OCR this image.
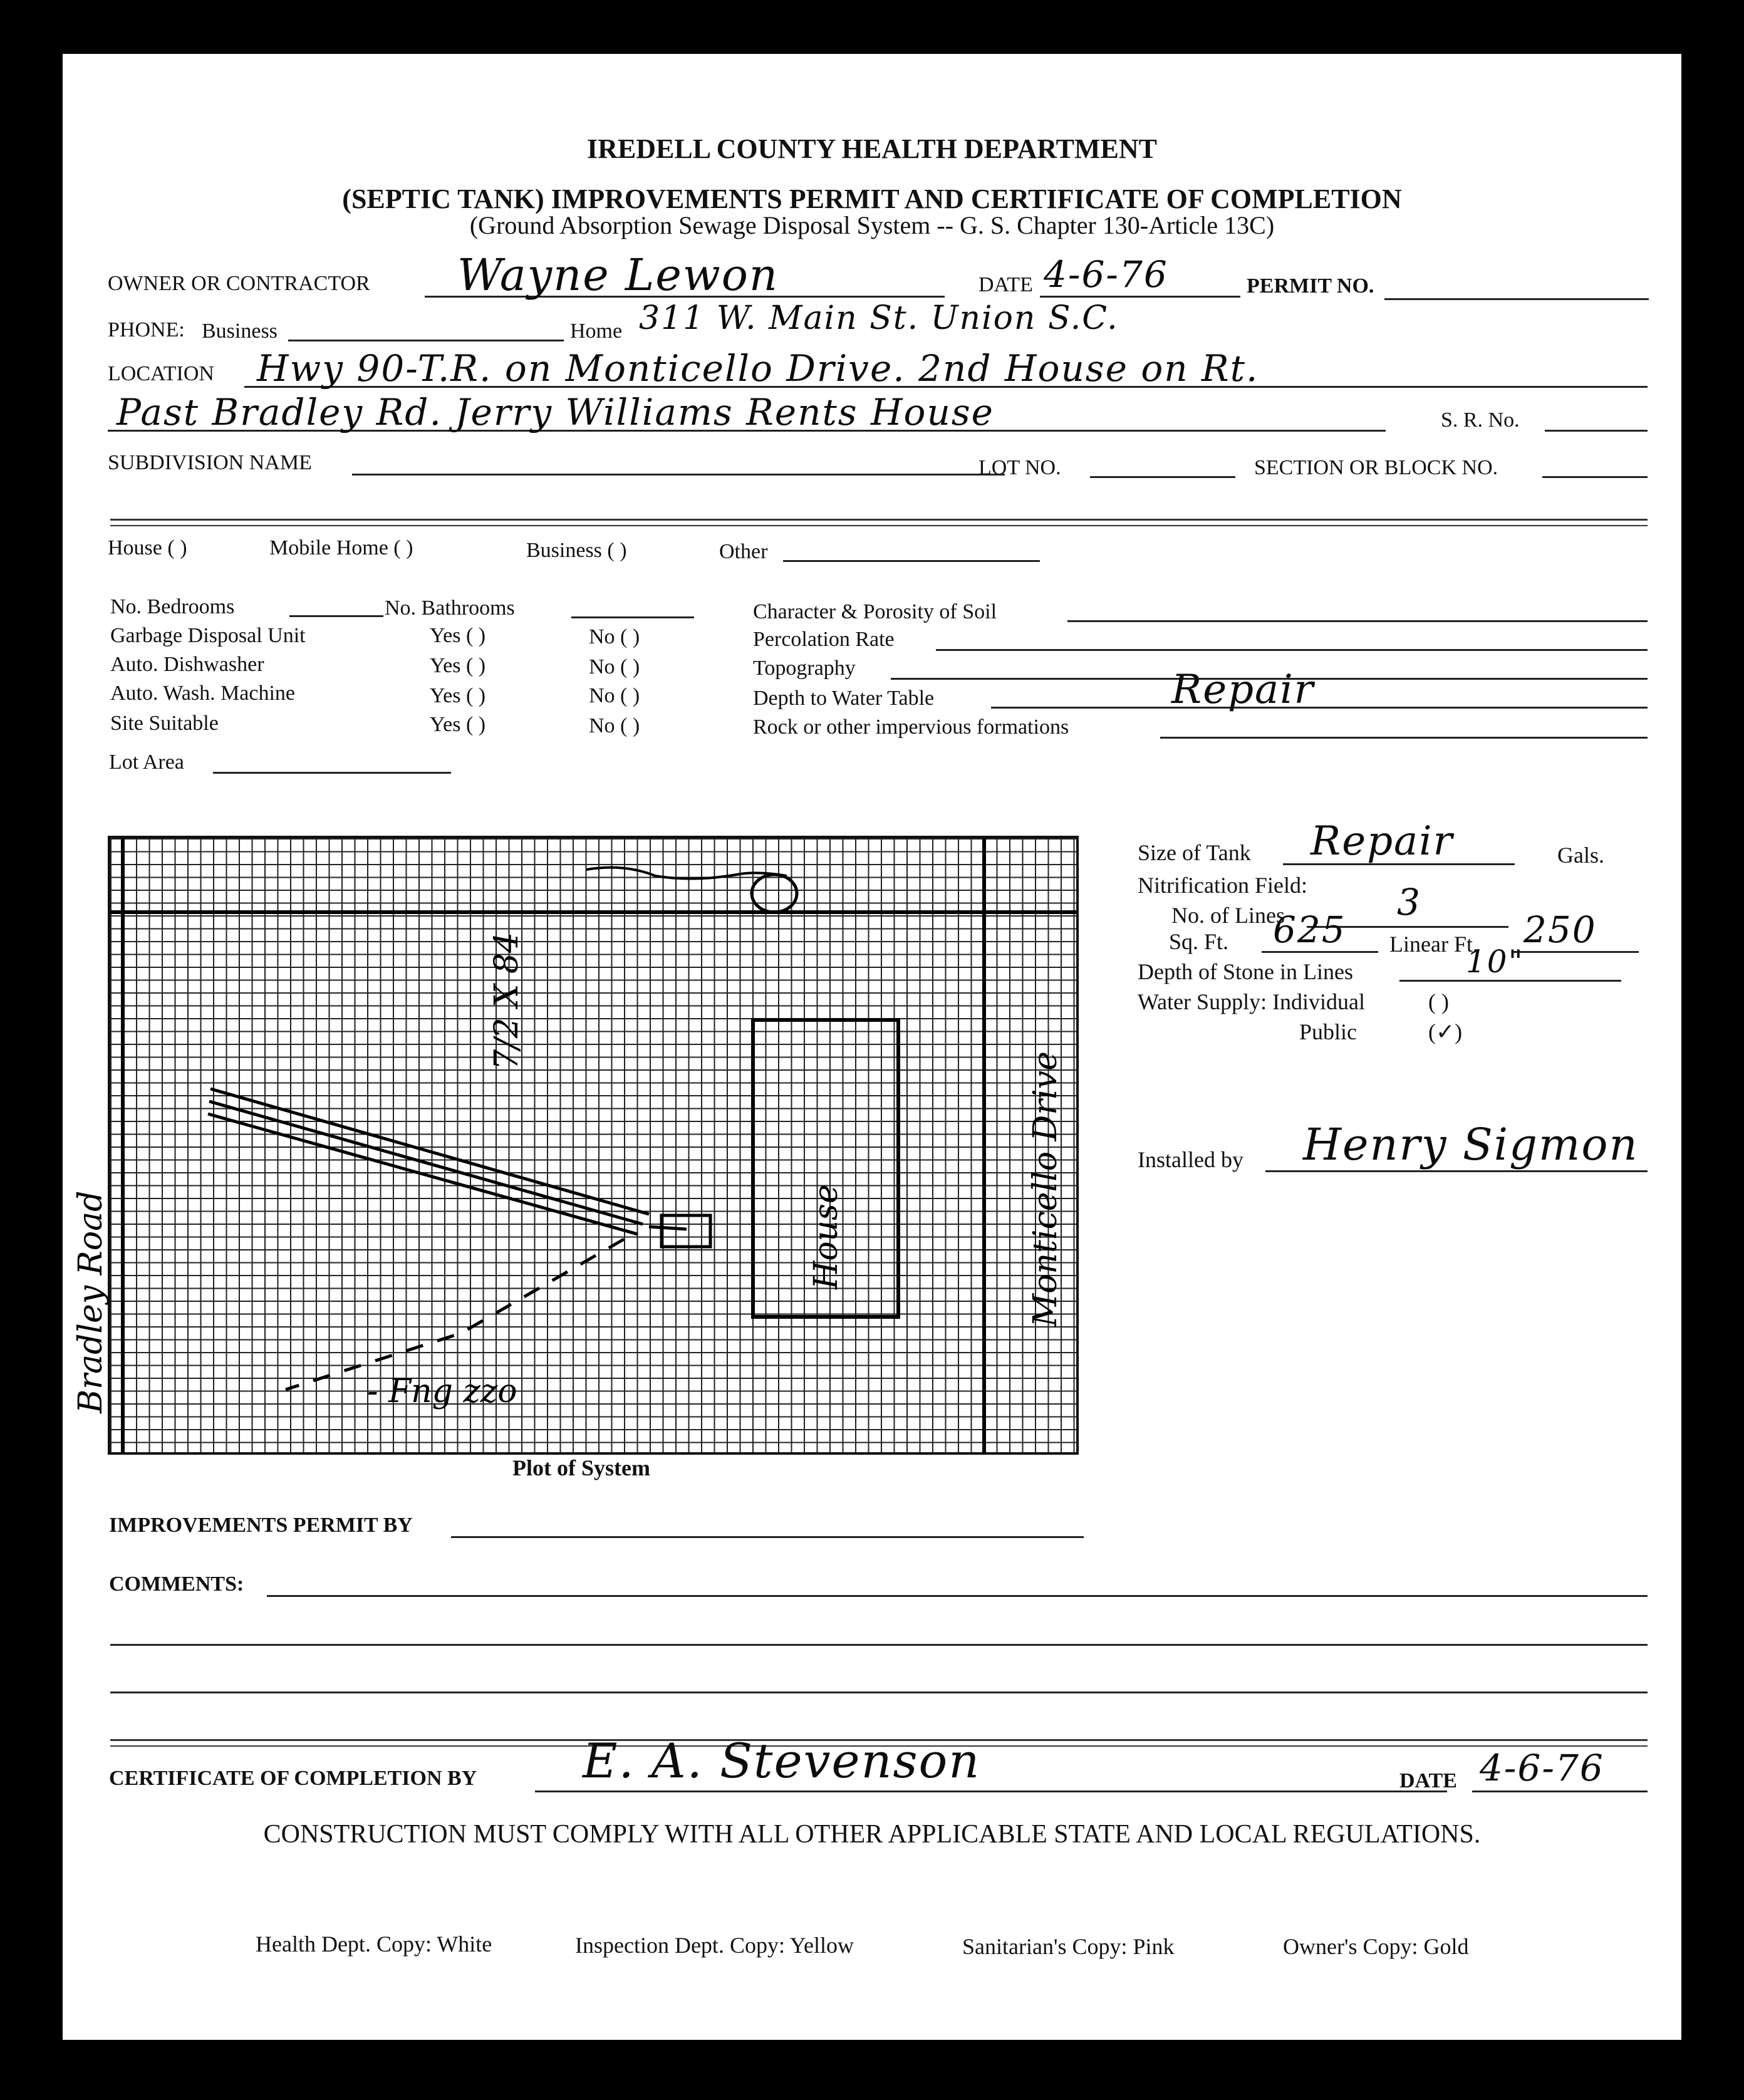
IREDELL COUNTY HEALTH DEPARTMENT
(SEPTIC TANK) IMPROVEMENTS PERMIT AND CERTIFICATE OF COMPLETION
(Ground Absorption Sewage Disposal System -- G. S. Chapter 130-Article 13C)
OWNER OR CONTRACTOR Wayne Lewon	DATE 4-6-76	PERMIT NO.
PHONE: Business	Home 311 W. Main St. Union S.C.
LOCATION Hwy 90-T.R. on Monticello Drive. 2nd House on Rt.
Past Bradley Rd. Jerry Williams Rents House	S. R. No.
SUBDIVISION NAME	LOT NO.	SECTION OR BLOCK NO.
House ( )	Mobile Home ( )	Business ( )	Other
No. Bedrooms	No. Bathrooms
Garbage Disposal Unit	Yes ( )	No ( )
Auto. Dishwasher	Yes ( )	No ( )
Auto. Wash. Machine	Yes ( )	No ( )
Site Suitable	Yes ( )	No ( )
Lot Area
Character & Porosity of Soil
Percolation Rate
Topography
Depth to Water Table	Repair
Rock or other impervious formations
- Fng zzo
7/2 X 84
House	Monticello Drive
Bradley Road
Plot of System
Size of Tank Repair	Gals.
Nitrification Field:
No. of Lines	3
Sq. Ft. 625 Linear Ft. 250
Depth of Stone in Lines	10"
Water Supply: Individual	( )
Public	(✓)
Installed by Henry Sigmon
IMPROVEMENTS PERMIT BY
COMMENTS:
CERTIFICATE OF COMPLETION BY E. A. Stevenson	DATE 4-6-76
CONSTRUCTION MUST COMPLY WITH ALL OTHER APPLICABLE STATE AND LOCAL REGULATIONS.
Health Dept. Copy: White	Inspection Dept. Copy: Yellow	Sanitarian's Copy: Pink	Owner's Copy: Gold
